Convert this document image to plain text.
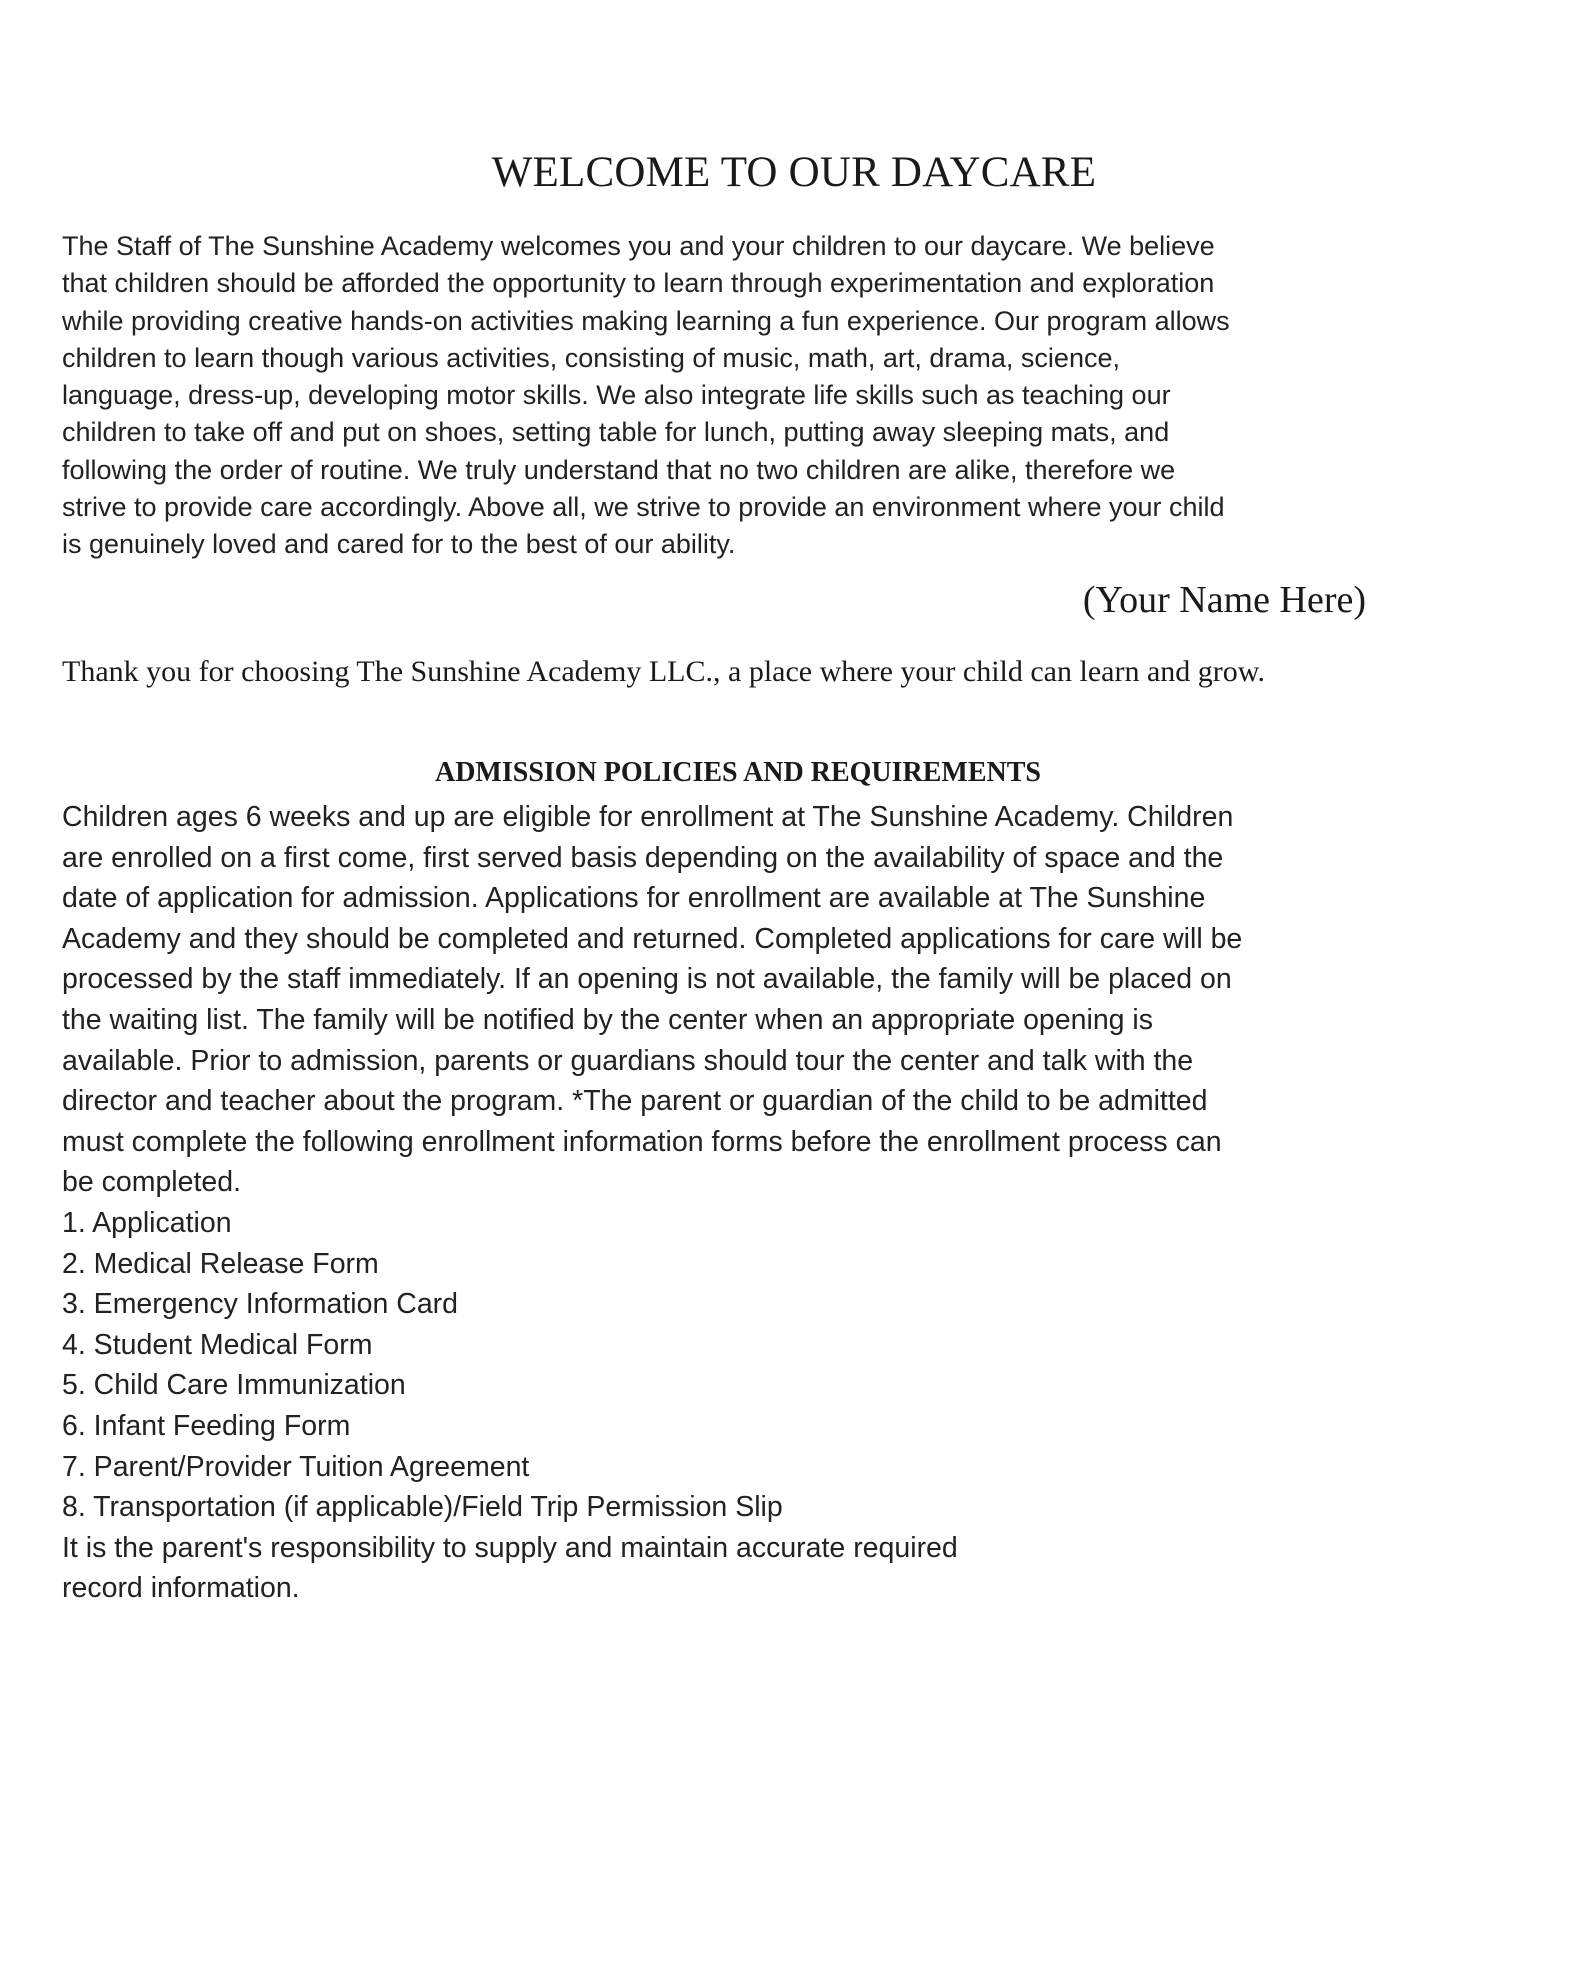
WELCOME TO OUR DAYCARE
The Staff of The Sunshine Academy welcomes you and your children to our daycare. We believe
that children should be afforded the opportunity to learn through experimentation and exploration
while providing creative hands-on activities making learning a fun experience. Our program allows
children to learn though various activities, consisting of music, math, art, drama, science,
language, dress-up, developing motor skills. We also integrate life skills such as teaching our
children to take off and put on shoes, setting table for lunch, putting away sleeping mats, and
following the order of routine. We truly understand that no two children are alike, therefore we
strive to provide care accordingly. Above all, we strive to provide an environment where your child
is genuinely loved and cared for to the best of our ability.

(Your Name Here)

Thank you for choosing The Sunshine Academy LLC., a place where your child can learn and grow.

ADMISSION POLICIES AND REQUIREMENTS
Children ages 6 weeks and up are eligible for enrollment at The Sunshine Academy. Children
are enrolled on a first come, first served basis depending on the availability of space and the
date of application for admission. Applications for enrollment are available at The Sunshine
Academy and they should be completed and returned. Completed applications for care will be
processed by the staff immediately. If an opening is not available, the family will be placed on
the waiting list. The family will be notified by the center when an appropriate opening is
available. Prior to admission, parents or guardians should tour the center and talk with the
director and teacher about the program. *The parent or guardian of the child to be admitted
must complete the following enrollment information forms before the enrollment process can
be completed.
1. Application
2. Medical Release Form
3. Emergency Information Card
4. Student Medical Form
5. Child Care Immunization
6. Infant Feeding Form
7. Parent/Provider Tuition Agreement
8. Transportation (if applicable)/Field Trip Permission Slip
It is the parent's responsibility to supply and maintain accurate required
record information.
